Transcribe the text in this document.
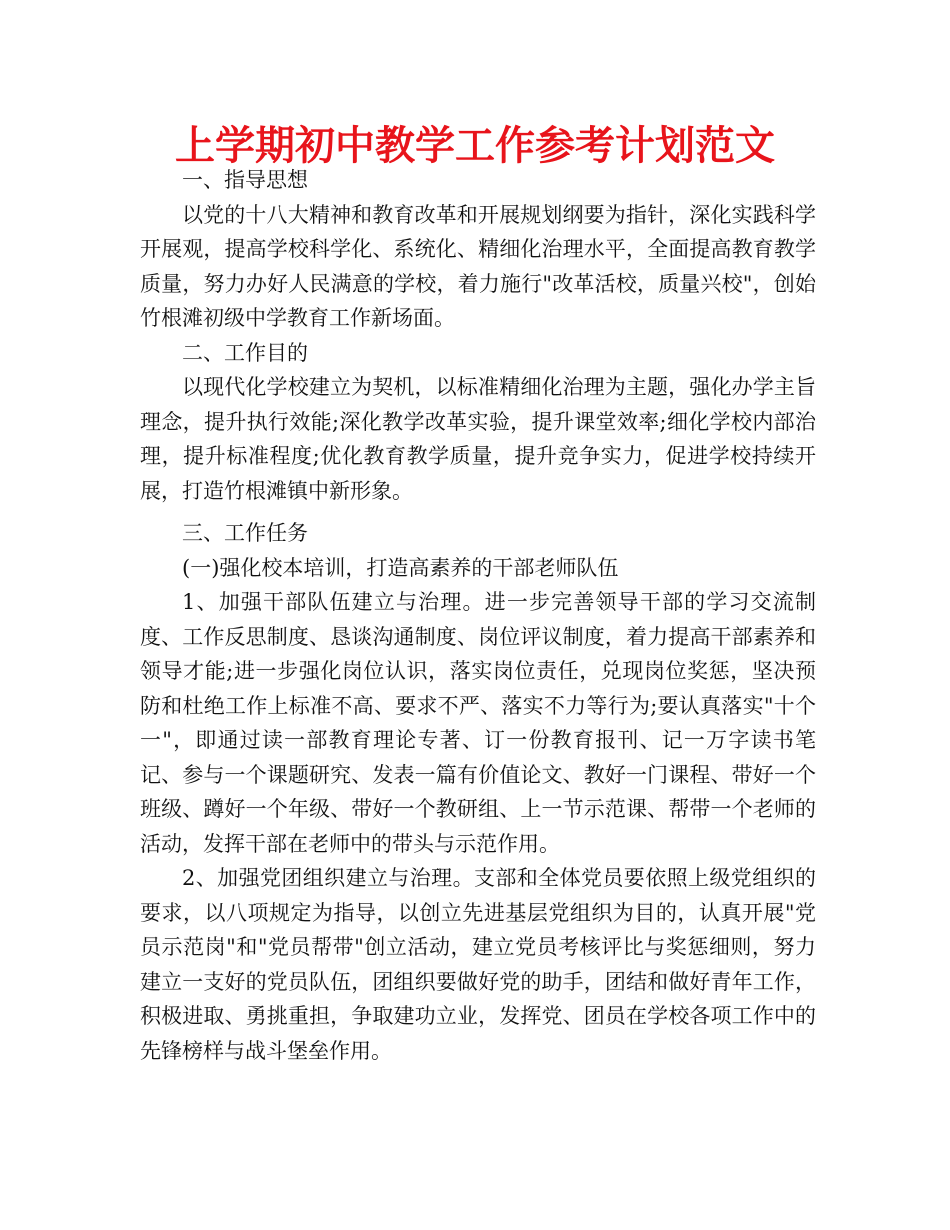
上学期初中教学工作参考计划范文

一、指导思想

以党的十八大精神和教育改革和开展规划纲要为指针，深化实践科学开展观，提高学校科学化、系统化、精细化治理水平，全面提高教育教学质量，努力办好人民满意的学校，着力施行"改革活校，质量兴校"，创始竹根滩初级中学教育工作新场面。

二、工作目的

以现代化学校建立为契机，以标准精细化治理为主题，强化办学主旨理念，提升执行效能;深化教学改革实验，提升课堂效率;细化学校内部治理，提升标准程度;优化教育教学质量，提升竞争实力，促进学校持续开展，打造竹根滩镇中新形象。

三、工作任务

(一)强化校本培训，打造高素养的干部老师队伍

1、加强干部队伍建立与治理。进一步完善领导干部的学习交流制度、工作反思制度、恳谈沟通制度、岗位评议制度，着力提高干部素养和领导才能;进一步强化岗位认识，落实岗位责任，兑现岗位奖惩，坚决预防和杜绝工作上标准不高、要求不严、落实不力等行为;要认真落实"十个一"，即通过读一部教育理论专著、订一份教育报刊、记一万字读书笔记、参与一个课题研究、发表一篇有价值论文、教好一门课程、带好一个班级、蹲好一个年级、带好一个教研组、上一节示范课、帮带一个老师的活动，发挥干部在老师中的带头与示范作用。

2、加强党团组织建立与治理。支部和全体党员要依照上级党组织的要求，以八项规定为指导，以创立先进基层党组织为目的，认真开展"党员示范岗"和"党员帮带"创立活动，建立党员考核评比与奖惩细则，努力建立一支好的党员队伍，团组织要做好党的助手，团结和做好青年工作，积极进取、勇挑重担，争取建功立业，发挥党、团员在学校各项工作中的先锋榜样与战斗堡垒作用。
